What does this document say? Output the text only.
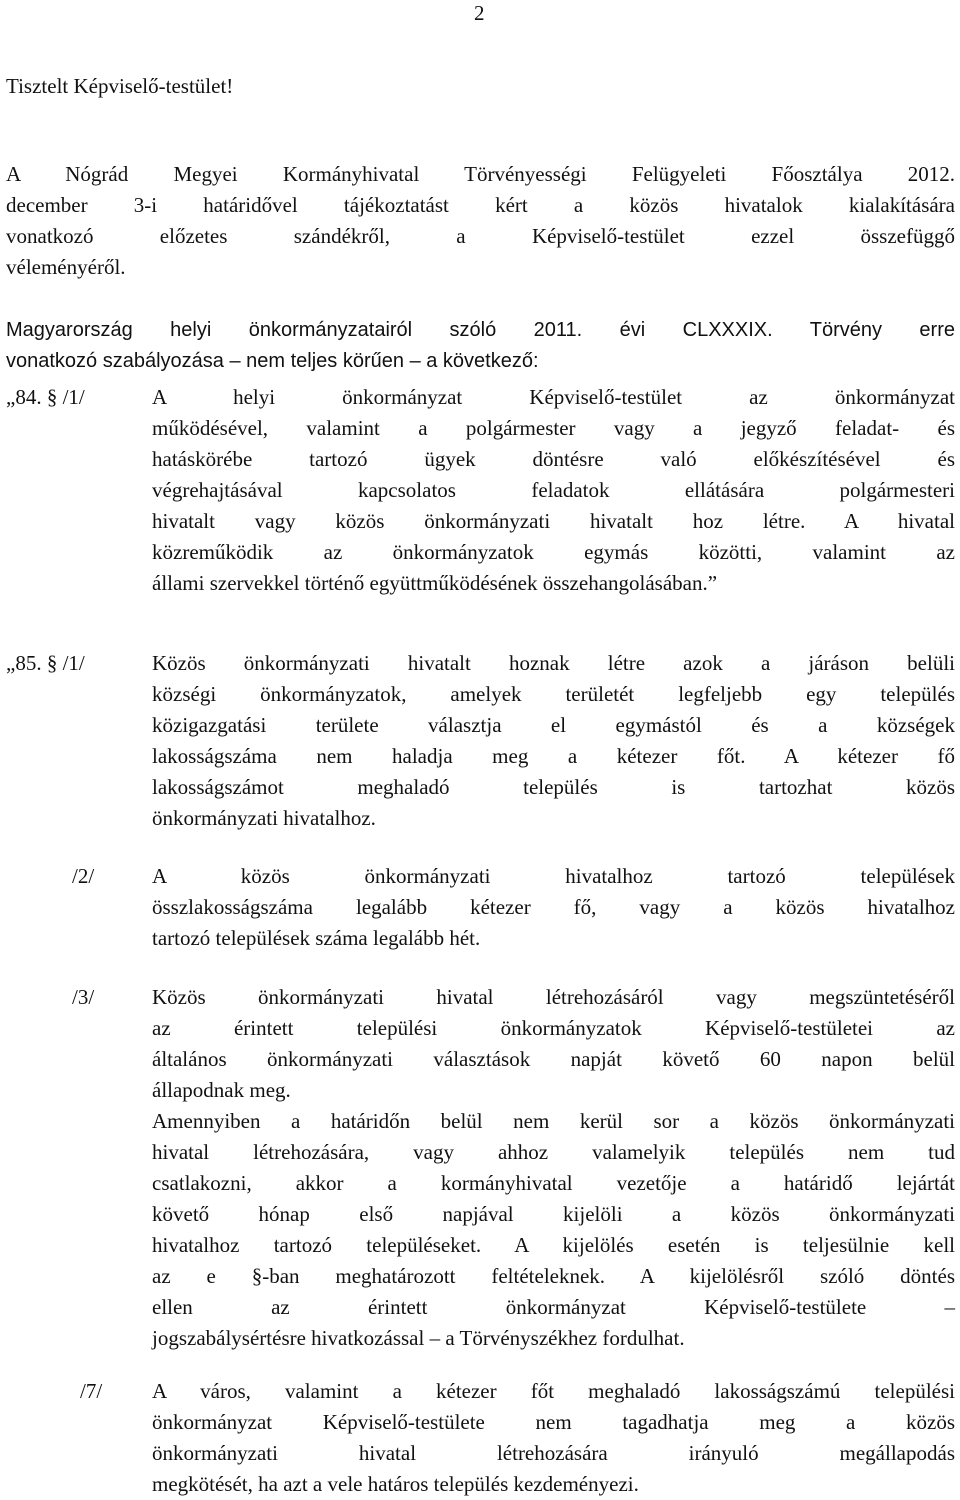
2
Tisztelt Képviselő-testület!
A Nógrád Megyei Kormányhivatal Törvényességi Felügyeleti Főosztálya 2012.
december 3-i határidővel tájékoztatást kért a közös hivatalok kialakítására
vonatkozó előzetes szándékről, a Képviselő-testület ezzel összefüggő
véleményéről.
Magyarország helyi önkormányzatairól szóló 2011. évi CLXXXIX. Törvény erre
vonatkozó szabályozása – nem teljes körűen – a következő:
„84. § /1/	A helyi önkormányzat Képviselő-testület az önkormányzat
működésével, valamint a polgármester vagy a jegyző feladat- és
hatáskörébe tartozó ügyek döntésre való előkészítésével és
végrehajtásával kapcsolatos feladatok ellátására polgármesteri
hivatalt vagy közös önkormányzati hivatalt hoz létre. A hivatal
közreműködik az önkormányzatok egymás közötti, valamint az
állami szervekkel történő együttműködésének összehangolásában.”
„85. § /1/	Közös önkormányzati hivatalt hoznak létre azok a járáson belüli
községi önkormányzatok, amelyek területét legfeljebb egy település
közigazgatási területe választja el egymástól és a községek
lakosságszáma nem haladja meg a kétezer főt. A kétezer fő
lakosságszámot meghaladó település is tartozhat közös
önkormányzati hivatalhoz.
/2/	A közös önkormányzati hivatalhoz tartozó települések
összlakosságszáma legalább kétezer fő, vagy a közös hivatalhoz
tartozó települések száma legalább hét.
/3/	Közös önkormányzati hivatal létrehozásáról vagy megszüntetéséről
az érintett települési önkormányzatok Képviselő-testületei az
általános önkormányzati választások napját követő 60 napon belül
állapodnak meg.
Amennyiben a határidőn belül nem kerül sor a közös önkormányzati
hivatal létrehozására, vagy ahhoz valamelyik település nem tud
csatlakozni, akkor a kormányhivatal vezetője a határidő lejártát
követő hónap első napjával kijelöli a közös önkormányzati
hivatalhoz tartozó településeket. A kijelölés esetén is teljesülnie kell
az e §-ban meghatározott feltételeknek. A kijelölésről szóló döntés
ellen az érintett önkormányzat Képviselő-testülete –
jogszabálysértésre hivatkozással – a Törvényszékhez fordulhat.
/7/ A város, valamint a kétezer főt meghaladó lakosságszámú települési
önkormányzat Képviselő-testülete nem tagadhatja meg a közös
önkormányzati hivatal létrehozására irányuló megállapodás
megkötését, ha azt a vele határos település kezdeményezi.
